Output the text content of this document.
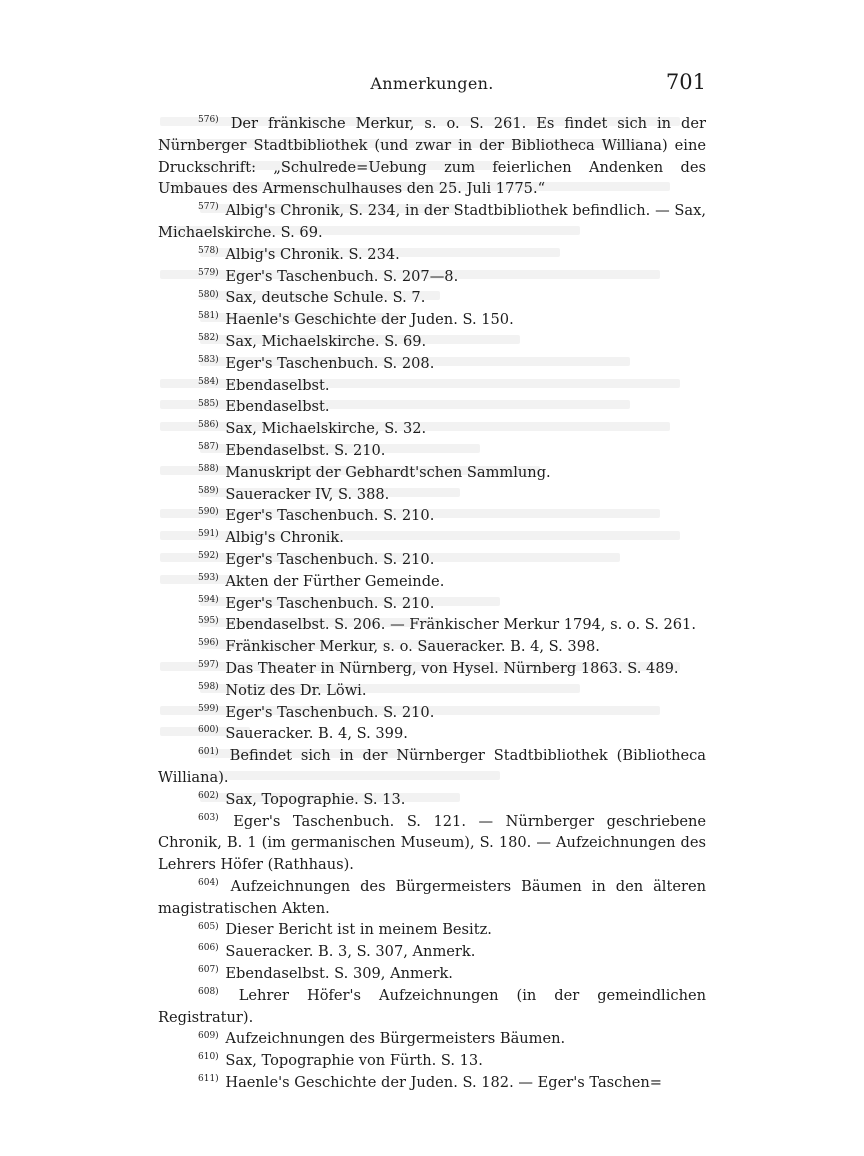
Anmerkungen.	701
$^{576)}$ Der fränkische Merkur, s. o. S. 261. Es findet sich in der Nürnberger Stadtbibliothek (und zwar in der Bibliotheca Williana) eine Druckschrift: „Schulrede=Uebung zum feierlichen Andenken des Umbaues des Armenschulhauses den 25. Juli 1775.“
$^{577)}$ Albig's Chronik, S. 234, in der Stadtbibliothek befindlich. — Sax, Michaelskirche. S. 69.
$^{578)}$ Albig's Chronik. S. 234.
$^{579)}$ Eger's Taschenbuch. S. 207—8.
$^{580)}$ Sax, deutsche Schule. S. 7.
$^{581)}$ Haenle's Geschichte der Juden. S. 150.
$^{582)}$ Sax, Michaelskirche. S. 69.
$^{583)}$ Eger's Taschenbuch. S. 208.
$^{584)}$ Ebendaselbst.
$^{585)}$ Ebendaselbst.
$^{586)}$ Sax, Michaelskirche, S. 32.
$^{587)}$ Ebendaselbst. S. 210.
$^{588)}$ Manuskript der Gebhardt'schen Sammlung.
$^{589)}$ Saueracker IV, S. 388.
$^{590)}$ Eger's Taschenbuch. S. 210.
$^{591)}$ Albig's Chronik.
$^{592)}$ Eger's Taschenbuch. S. 210.
$^{593)}$ Akten der Fürther Gemeinde.
$^{594)}$ Eger's Taschenbuch. S. 210.
$^{595)}$ Ebendaselbst. S. 206. — Fränkischer Merkur 1794, s. o. S. 261.
$^{596)}$ Fränkischer Merkur, s. o. Saueracker. B. 4, S. 398.
$^{597)}$ Das Theater in Nürnberg, von Hysel. Nürnberg 1863. S. 489.
$^{598)}$ Notiz des Dr. Löwi.
$^{599)}$ Eger's Taschenbuch. S. 210.
$^{600)}$ Saueracker. B. 4, S. 399.
$^{601)}$ Befindet sich in der Nürnberger Stadtbibliothek (Bibliotheca Williana).
$^{602)}$ Sax, Topographie. S. 13.
$^{603)}$ Eger's Taschenbuch. S. 121. — Nürnberger geschriebene Chronik, B. 1 (im germanischen Museum), S. 180. — Aufzeichnungen des Lehrers Höfer (Rathhaus).
$^{604)}$ Aufzeichnungen des Bürgermeisters Bäumen in den älteren magistratischen Akten.
$^{605)}$ Dieser Bericht ist in meinem Besitz.
$^{606)}$ Saueracker. B. 3, S. 307, Anmerk.
$^{607)}$ Ebendaselbst. S. 309, Anmerk.
$^{608)}$ Lehrer Höfer's Aufzeichnungen (in der gemeindlichen Registratur).
$^{609)}$ Aufzeichnungen des Bürgermeisters Bäumen.
$^{610)}$ Sax, Topographie von Fürth. S. 13.
$^{611)}$ Haenle's Geschichte der Juden. S. 182. — Eger's Taschen=
